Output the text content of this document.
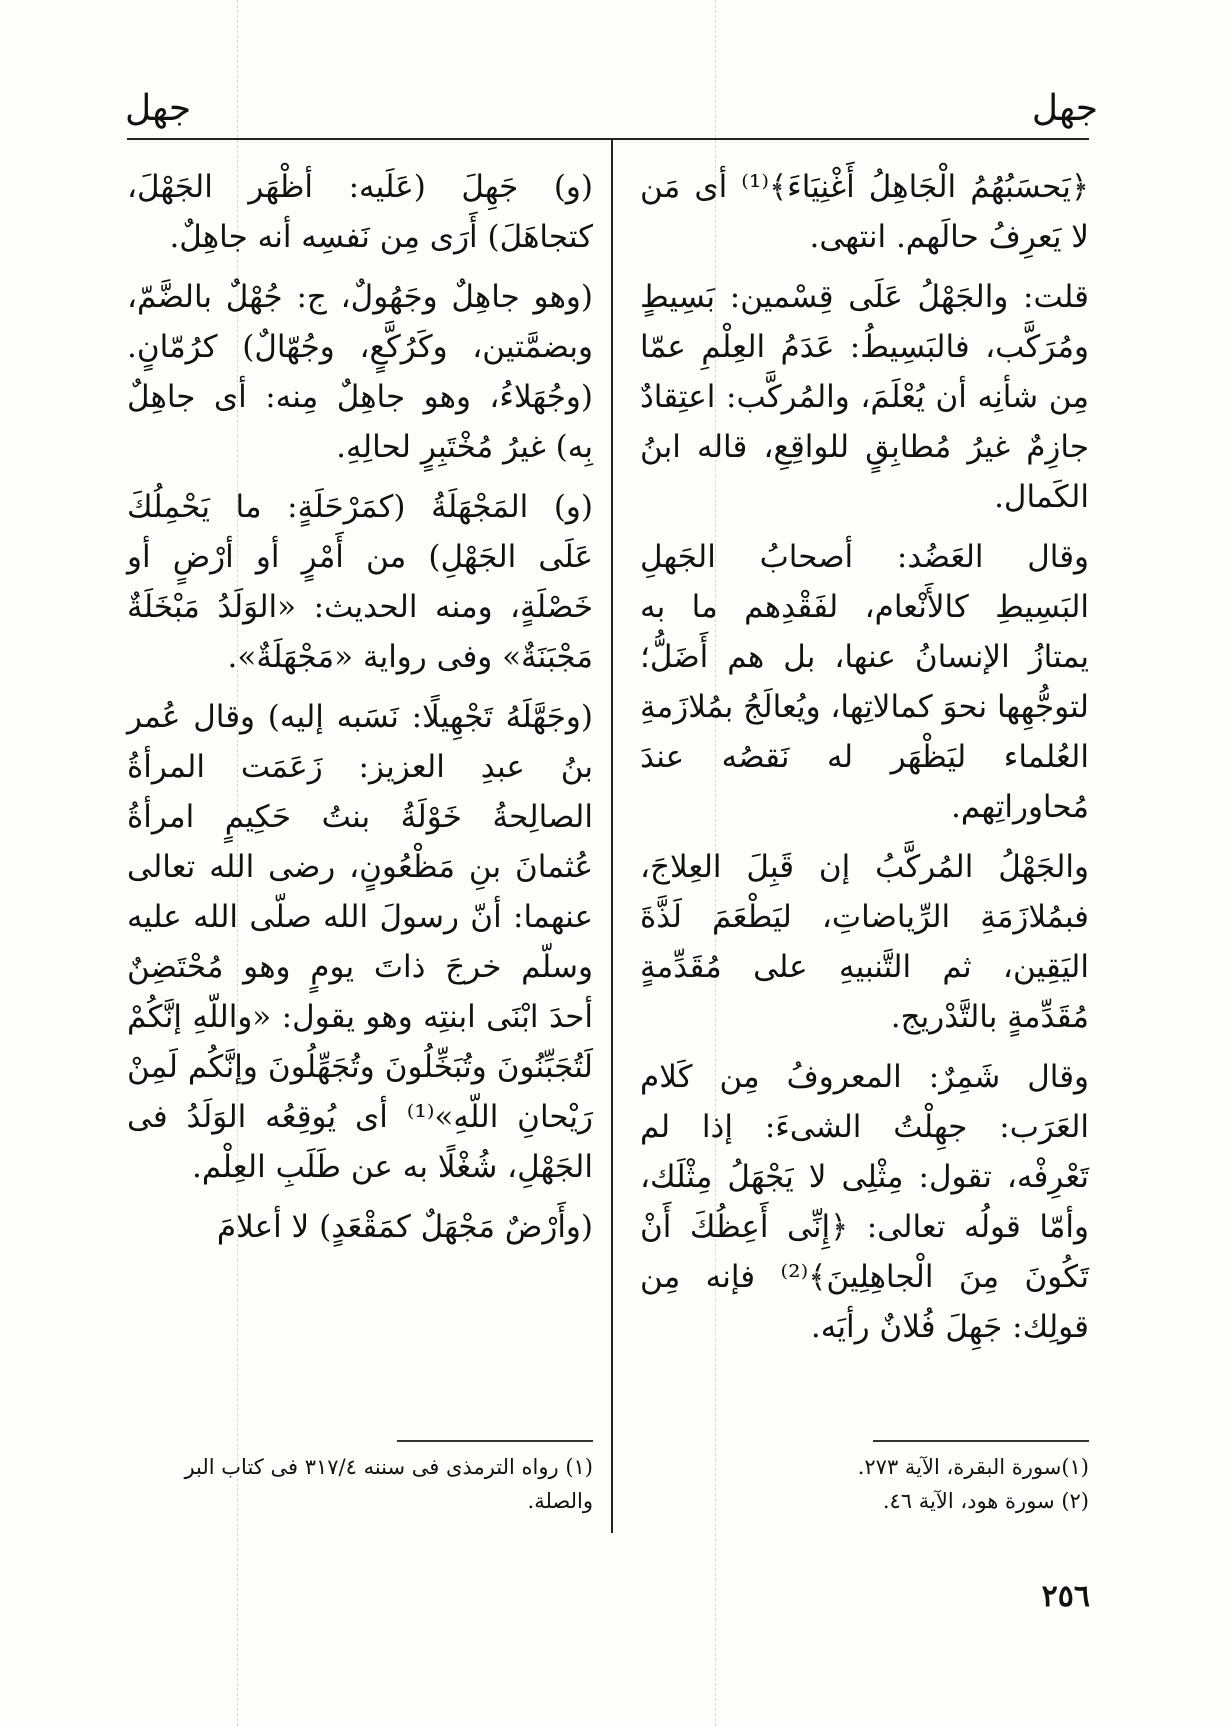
جهل
جهل

﴿يَحسَبُهُمُ الْجَاهِلُ أَغْنِيَاءَ﴾⁽¹⁾ أى مَن لا يَعرِفُ حالَهم. انتهى.

قلت: والجَهْلُ عَلَى قِسْمين: بَسِيطٍ ومُرَكَّب، فالبَسِيطُ: عَدَمُ العِلْمِ عمّا مِن شأنِه أن يُعْلَمَ، والمُركَّب: اعتِقادٌ جازِمٌ غيرُ مُطابِقٍ للواقِعِ، قاله ابنُ الكَمال.

وقال العَضُد: أصحابُ الجَهلِ البَسِيطِ كالأَنْعام، لفَقْدِهم ما به يمتازُ الإنسانُ عنها، بل هم أَضَلُّ؛ لتوجُّهِها نحوَ كمالاتِها، ويُعالَجُ بمُلازَمةِ العُلماء ليَظْهَر له نَقصُه عندَ مُحاوراتِهم.

والجَهْلُ المُركَّبُ إن قَبِلَ العِلاجَ، فبمُلازَمَةِ الرِّياضاتِ، ليَطْعَمَ لَذَّةَ اليَقِين، ثم التَّنبيهِ على مُقَدِّمةٍ مُقَدِّمةٍ بالتَّدْريج.

وقال شَمِرٌ: المعروفُ مِن كَلام العَرَب: جهِلْتُ الشىءَ: إذا لم تَعْرِفْه، تقول: مِثْلِى لا يَجْهَلُ مِثْلَك، وأمّا قولُه تعالى: ﴿إِنِّى أَعِظُكَ أَنْ تَكُونَ مِنَ الْجاهِلِينَ﴾⁽²⁾ فإنه مِن قولِك: جَهِلَ فُلانٌ رأيَه.

(و) جَهِلَ (عَلَيه: أظْهَر الجَهْلَ، كتجاهَلَ) أَرَى مِن نَفسِه أنه جاهِلٌ.

(وهو جاهِلٌ وجَهُولٌ، ج: جُهْلٌ بالضَّمّ، وبضمَّتين، وكَرُكَّعٍ، وجُهّالٌ) كرُمّانٍ. (وجُهَلاءُ، وهو جاهِلٌ مِنه: أى جاهِلٌ بِه) غيرُ مُخْتَبِرٍ لحالِهِ.

(و) المَجْهَلَةُ (كمَرْحَلَةٍ: ما يَحْمِلُكَ عَلَى الجَهْلِ) من أَمْرٍ أو أرْضٍ أو خَصْلَةٍ، ومنه الحديث: «الوَلَدُ مَبْخَلَةٌ مَجْبَنَةٌ» وفى رواية «مَجْهَلَةٌ».

(وجَهَّلَهُ تَجْهِيلًا: نَسَبه إليه) وقال عُمر بنُ عبدِ العزيز: زَعَمَت المرأةُ الصالِحةُ خَوْلَةُ بنتُ حَكِيمٍ امرأةُ عُثمانَ بنِ مَظْعُونٍ، رضى الله تعالى عنهما: أنّ رسولَ الله صلّى الله عليه وسلّم خرجَ ذاتَ يومٍ وهو مُحْتَضِنٌ أحدَ ابْنَى ابنتِه وهو يقول: «واللّهِ إنَّكُمْ لَتُجَبِّنُونَ وتُبَخِّلُونَ وتُجَهِّلُونَ وإنَّكُم لَمِنْ رَيْحانِ اللّهِ»⁽¹⁾ أى يُوقِعُه الوَلَدُ فى الجَهْلِ، شُغْلًا به عن طَلَبِ العِلْم.

(وأَرْضٌ مَجْهَلٌ كمَقْعَدٍ) لا أعلامَ

(١)سورة البقرة، الآية ٢٧٣.

(٢) سورة هود، الآية ٤٦.

(١) رواه الترمذى فى سننه ٣١٧/٤ فى كتاب البر والصلة.

٢٥٦
